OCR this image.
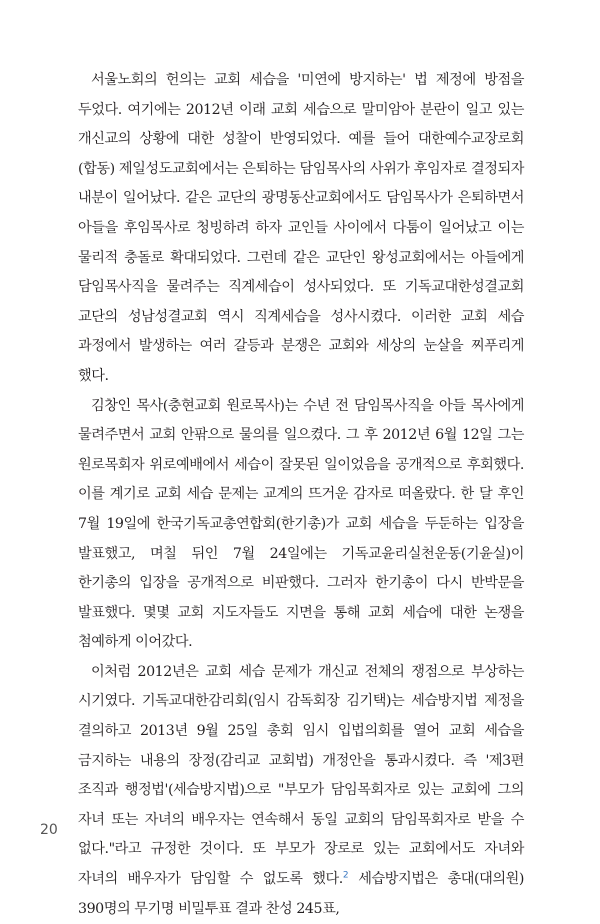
서울노회의 헌의는 교회 세습을 '미연에 방지하는' 법 제정에 방점을 두었다. 여기에는 2012년 이래 교회 세습으로 말미암아 분란이 일고 있는 개신교의 상황에 대한 성찰이 반영되었다. 예를 들어 대한예수교장로회(합동) 제일성도교회에서는 은퇴하는 담임목사의 사위가 후임자로 결정되자 내분이 일어났다. 같은 교단의 광명동산교회에서도 담임목사가 은퇴하면서 아들을 후임목사로 청빙하려 하자 교인들 사이에서 다툼이 일어났고 이는 물리적 충돌로 확대되었다. 그런데 같은 교단인 왕성교회에서는 아들에게 담임목사직을 물려주는 직계세습이 성사되었다. 또 기독교대한성결교회 교단의 성남성결교회 역시 직계세습을 성사시켰다. 이러한 교회 세습 과정에서 발생하는 여러 갈등과 분쟁은 교회와 세상의 눈살을 찌푸리게 했다.

김창인 목사(충현교회 원로목사)는 수년 전 담임목사직을 아들 목사에게 물려주면서 교회 안팎으로 물의를 일으켰다. 그 후 2012년 6월 12일 그는 원로목회자 위로예배에서 세습이 잘못된 일이었음을 공개적으로 후회했다. 이를 계기로 교회 세습 문제는 교계의 뜨거운 감자로 떠올랐다. 한 달 후인 7월 19일에 한국기독교총연합회(한기총)가 교회 세습을 두둔하는 입장을 발표했고, 며칠 뒤인 7월 24일에는 기독교윤리실천운동(기윤실)이 한기총의 입장을 공개적으로 비판했다. 그러자 한기총이 다시 반박문을 발표했다. 몇몇 교회 지도자들도 지면을 통해 교회 세습에 대한 논쟁을 첨예하게 이어갔다.

이처럼 2012년은 교회 세습 문제가 개신교 전체의 쟁점으로 부상하는 시기였다. 기독교대한감리회(임시 감독회장 김기택)는 세습방지법 제정을 결의하고 2013년 9월 25일 총회 임시 입법의회를 열어 교회 세습을 금지하는 내용의 장정(감리교 교회법) 개정안을 통과시켰다. 즉 '제3편 조직과 행정법'(세습방지법)으로 "부모가 담임목회자로 있는 교회에 그의 자녀 또는 자녀의 배우자는 연속해서 동일 교회의 담임목회자로 받을 수 없다."라고 규정한 것이다. 또 부모가 장로로 있는 교회에서도 자녀와 자녀의 배우자가 담임할 수 없도록 했다.$^2$ 세습방지법은 총대(대의원) 390명의 무기명 비밀투표 결과 찬성 245표,

20
